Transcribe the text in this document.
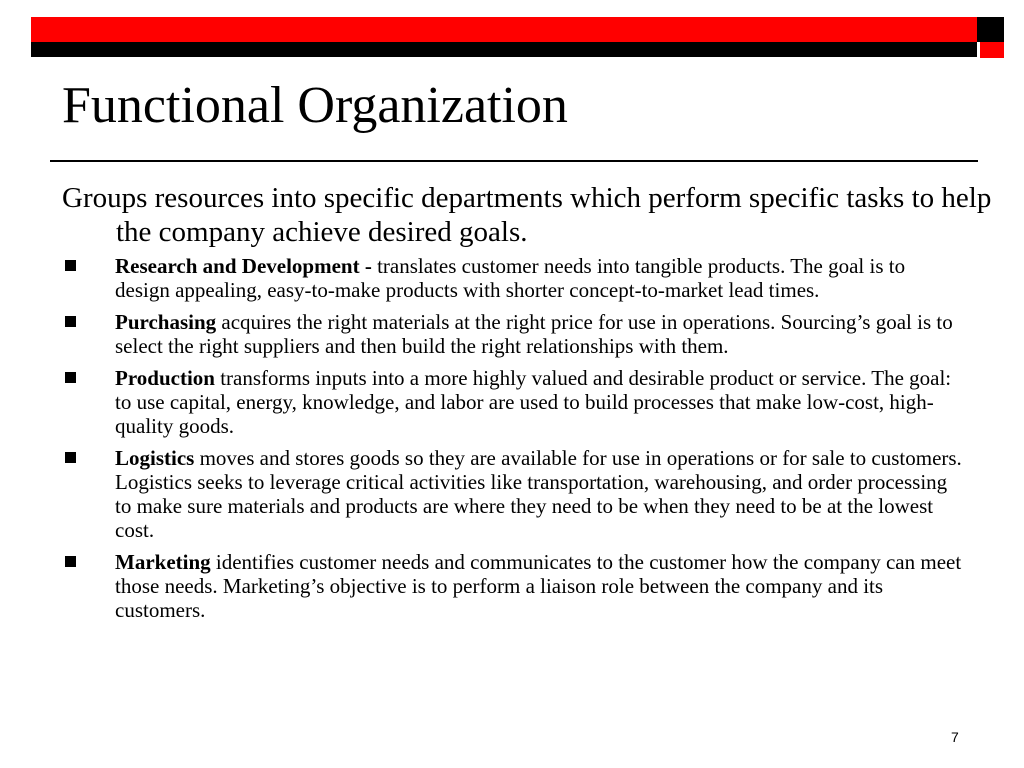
Functional Organization

Groups resources into specific departments which perform specific tasks to help the company achieve desired goals.

Research and Development - translates customer needs into tangible products. The goal is to design appealing, easy-to-make products with shorter concept-to-market lead times.
Purchasing acquires the right materials at the right price for use in operations. Sourcing’s goal is to select the right suppliers and then build the right relationships with them.
Production transforms inputs into a more highly valued and desirable product or service. The goal: to use capital, energy, knowledge, and labor are used to build processes that make low-cost, high-quality goods.
Logistics moves and stores goods so they are available for use in operations or for sale to customers. Logistics seeks to leverage critical activities like transportation, warehousing, and order processing to make sure materials and products are where they need to be when they need to be at the lowest cost.
Marketing identifies customer needs and communicates to the customer how the company can meet those needs. Marketing’s objective is to perform a liaison role between the company and its customers.
7
